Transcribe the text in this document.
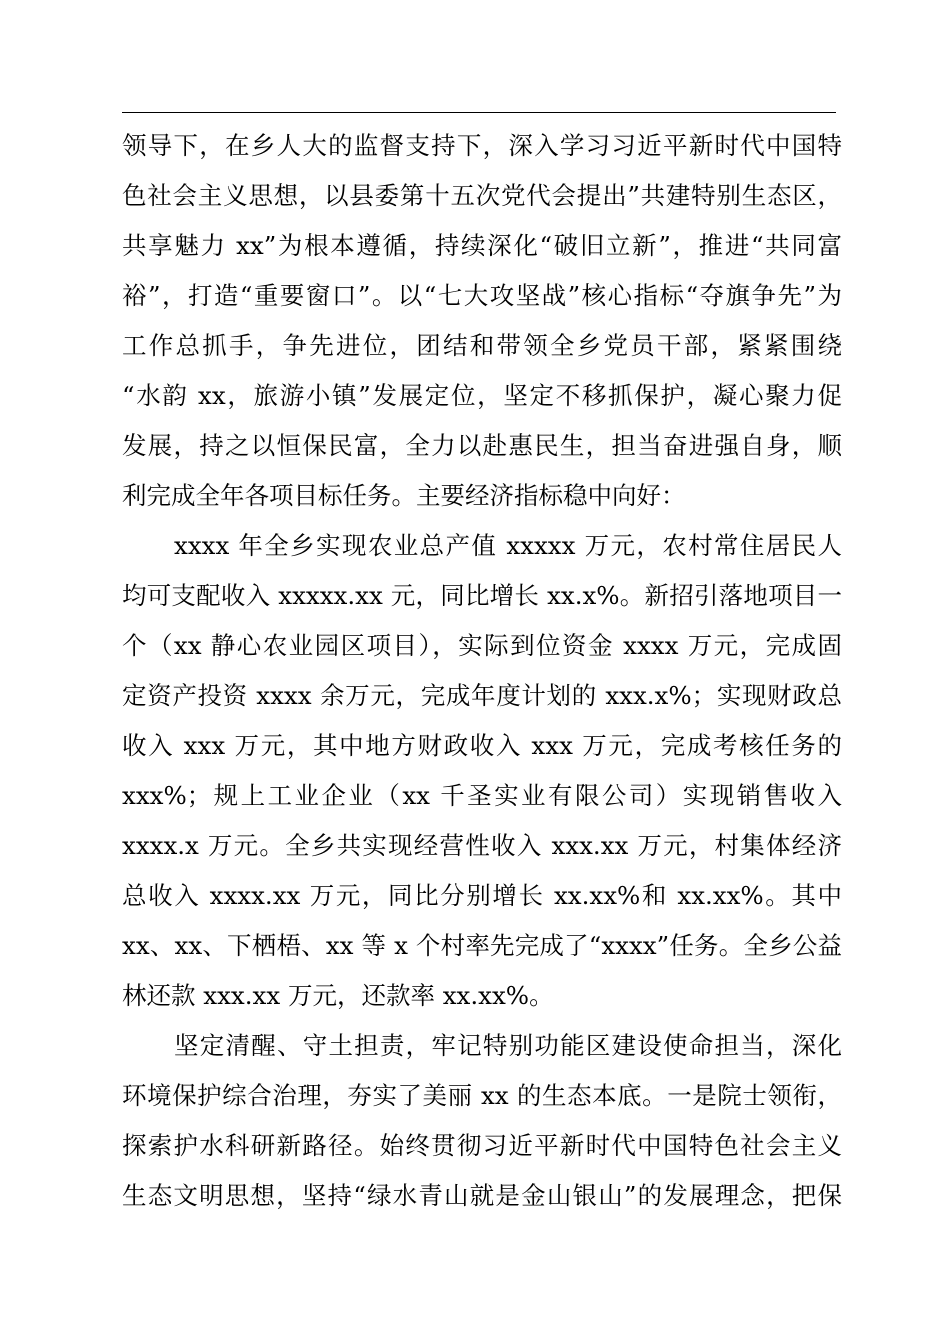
领导下，在乡人大的监督支持下，深入学习习近平新时代中国特
色社会主义思想，以县委第十五次党代会提出”共建特别生态区，
共享魅力 xx”为根本遵循，持续深化“破旧立新”，推进“共同富
裕”，打造“重要窗口”。以“七大攻坚战”核心指标“夺旗争先”为
工作总抓手，争先进位，团结和带领全乡党员干部，紧紧围绕
“水韵 xx，旅游小镇”发展定位，坚定不移抓保护，凝心聚力促
发展，持之以恒保民富，全力以赴惠民生，担当奋进强自身，顺
利完成全年各项目标任务。主要经济指标稳中向好：
xxxx 年全乡实现农业总产值 xxxxx 万元，农村常住居民人
均可支配收入 xxxxx.xx 元，同比增长 xx.x%。新招引落地项目一
个（xx 静心农业园区项目），实际到位资金 xxxx 万元，完成固
定资产投资 xxxx 余万元，完成年度计划的 xxx.x%；实现财政总
收入 xxx 万元，其中地方财政收入 xxx 万元，完成考核任务的
xxx%；规上工业企业（xx 千圣实业有限公司）实现销售收入
xxxx.x 万元。全乡共实现经营性收入 xxx.xx 万元，村集体经济
总收入 xxxx.xx 万元，同比分别增长 xx.xx%和 xx.xx%。其中
xx、xx、下栖梧、xx 等 x 个村率先完成了“xxxx”任务。全乡公益
林还款 xxx.xx 万元，还款率 xx.xx%。
坚定清醒、守土担责，牢记特别功能区建设使命担当，深化
环境保护综合治理，夯实了美丽 xx 的生态本底。一是院士领衔，
探索护水科研新路径。始终贯彻习近平新时代中国特色社会主义
生态文明思想，坚持“绿水青山就是金山银山”的发展理念，把保
